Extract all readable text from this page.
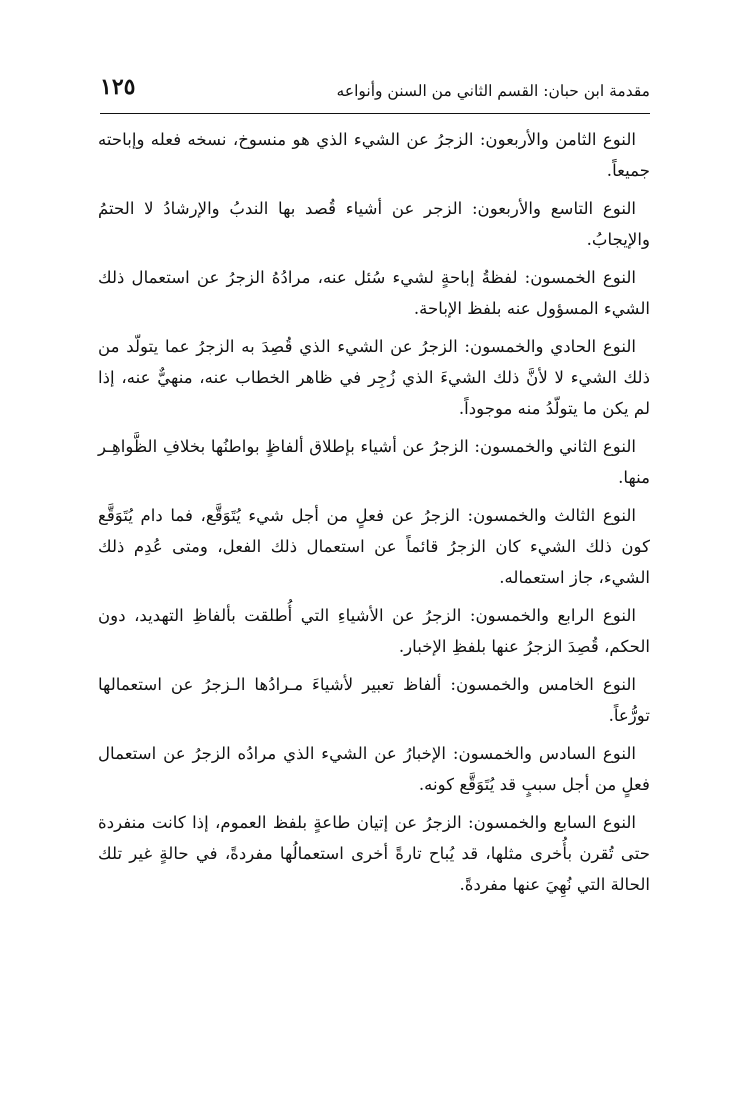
مقدمة ابن حبان: القسم الثاني من السنن وأنواعه
١٢٥

النوع الثامن والأربعون: الزجرُ عن الشيء الذي هو منسوخ، نسخه فعله وإباحته جميعاً.

النوع التاسع والأربعون: الزجر عن أشياء قُصد بها الندبُ والإرشادُ لا الحتمُ والإيجابُ.

النوع الخمسون: لفظةُ إباحةٍ لشيء سُئل عنه، مرادُهُ الزجرُ عن استعمال ذلك الشيء المسؤول عنه بلفظ الإباحة.

النوع الحادي والخمسون: الزجرُ عن الشيء الذي قُصِدَ به الزجرُ عما يتولّد من ذلك الشيء لا لأنَّ ذلك الشيءَ الذي زُجِر في ظاهر الخطاب عنه، منهيٌّ عنه، إذا لم يكن ما يتولّدُ منه موجوداً.

النوع الثاني والخمسون: الزجرُ عن أشياء بإطلاق ألفاظٍ بواطنُها بخلافِ الظَّواهِـر منها.

النوع الثالث والخمسون: الزجرُ عن فعلٍ من أجل شيء يُتَوَقَّع، فما دام يُتَوَقَّع كون ذلك الشيء كان الزجرُ قائماً عن استعمال ذلك الفعل، ومتى عُدِم ذلك الشيء، جاز استعماله.

النوع الرابع والخمسون: الزجرُ عن الأشياءِ التي أُطلقت بألفاظِ التهديد، دون الحكم، قُصِدَ الزجرُ عنها بلفظِ الإخبار.

النوع الخامس والخمسون: ألفاظ تعبير لأشياءَ مـرادُها الـزجرُ عن استعمالها تورُّعاً.

النوع السادس والخمسون: الإخبارُ عن الشيء الذي مرادُه الزجرُ عن استعمال فعلٍ من أجل سببٍ قد يُتَوَقَّع كونه.

النوع السابع والخمسون: الزجرُ عن إتيان طاعةٍ بلفظ العموم، إذا كانت منفردة حتى تُقرن بأُخرى مثلها، قد يُباح تارةً أخرى استعمالُها مفردةً، في حالةٍ غير تلك الحالة التي نُهِيَ عنها مفردةً.
